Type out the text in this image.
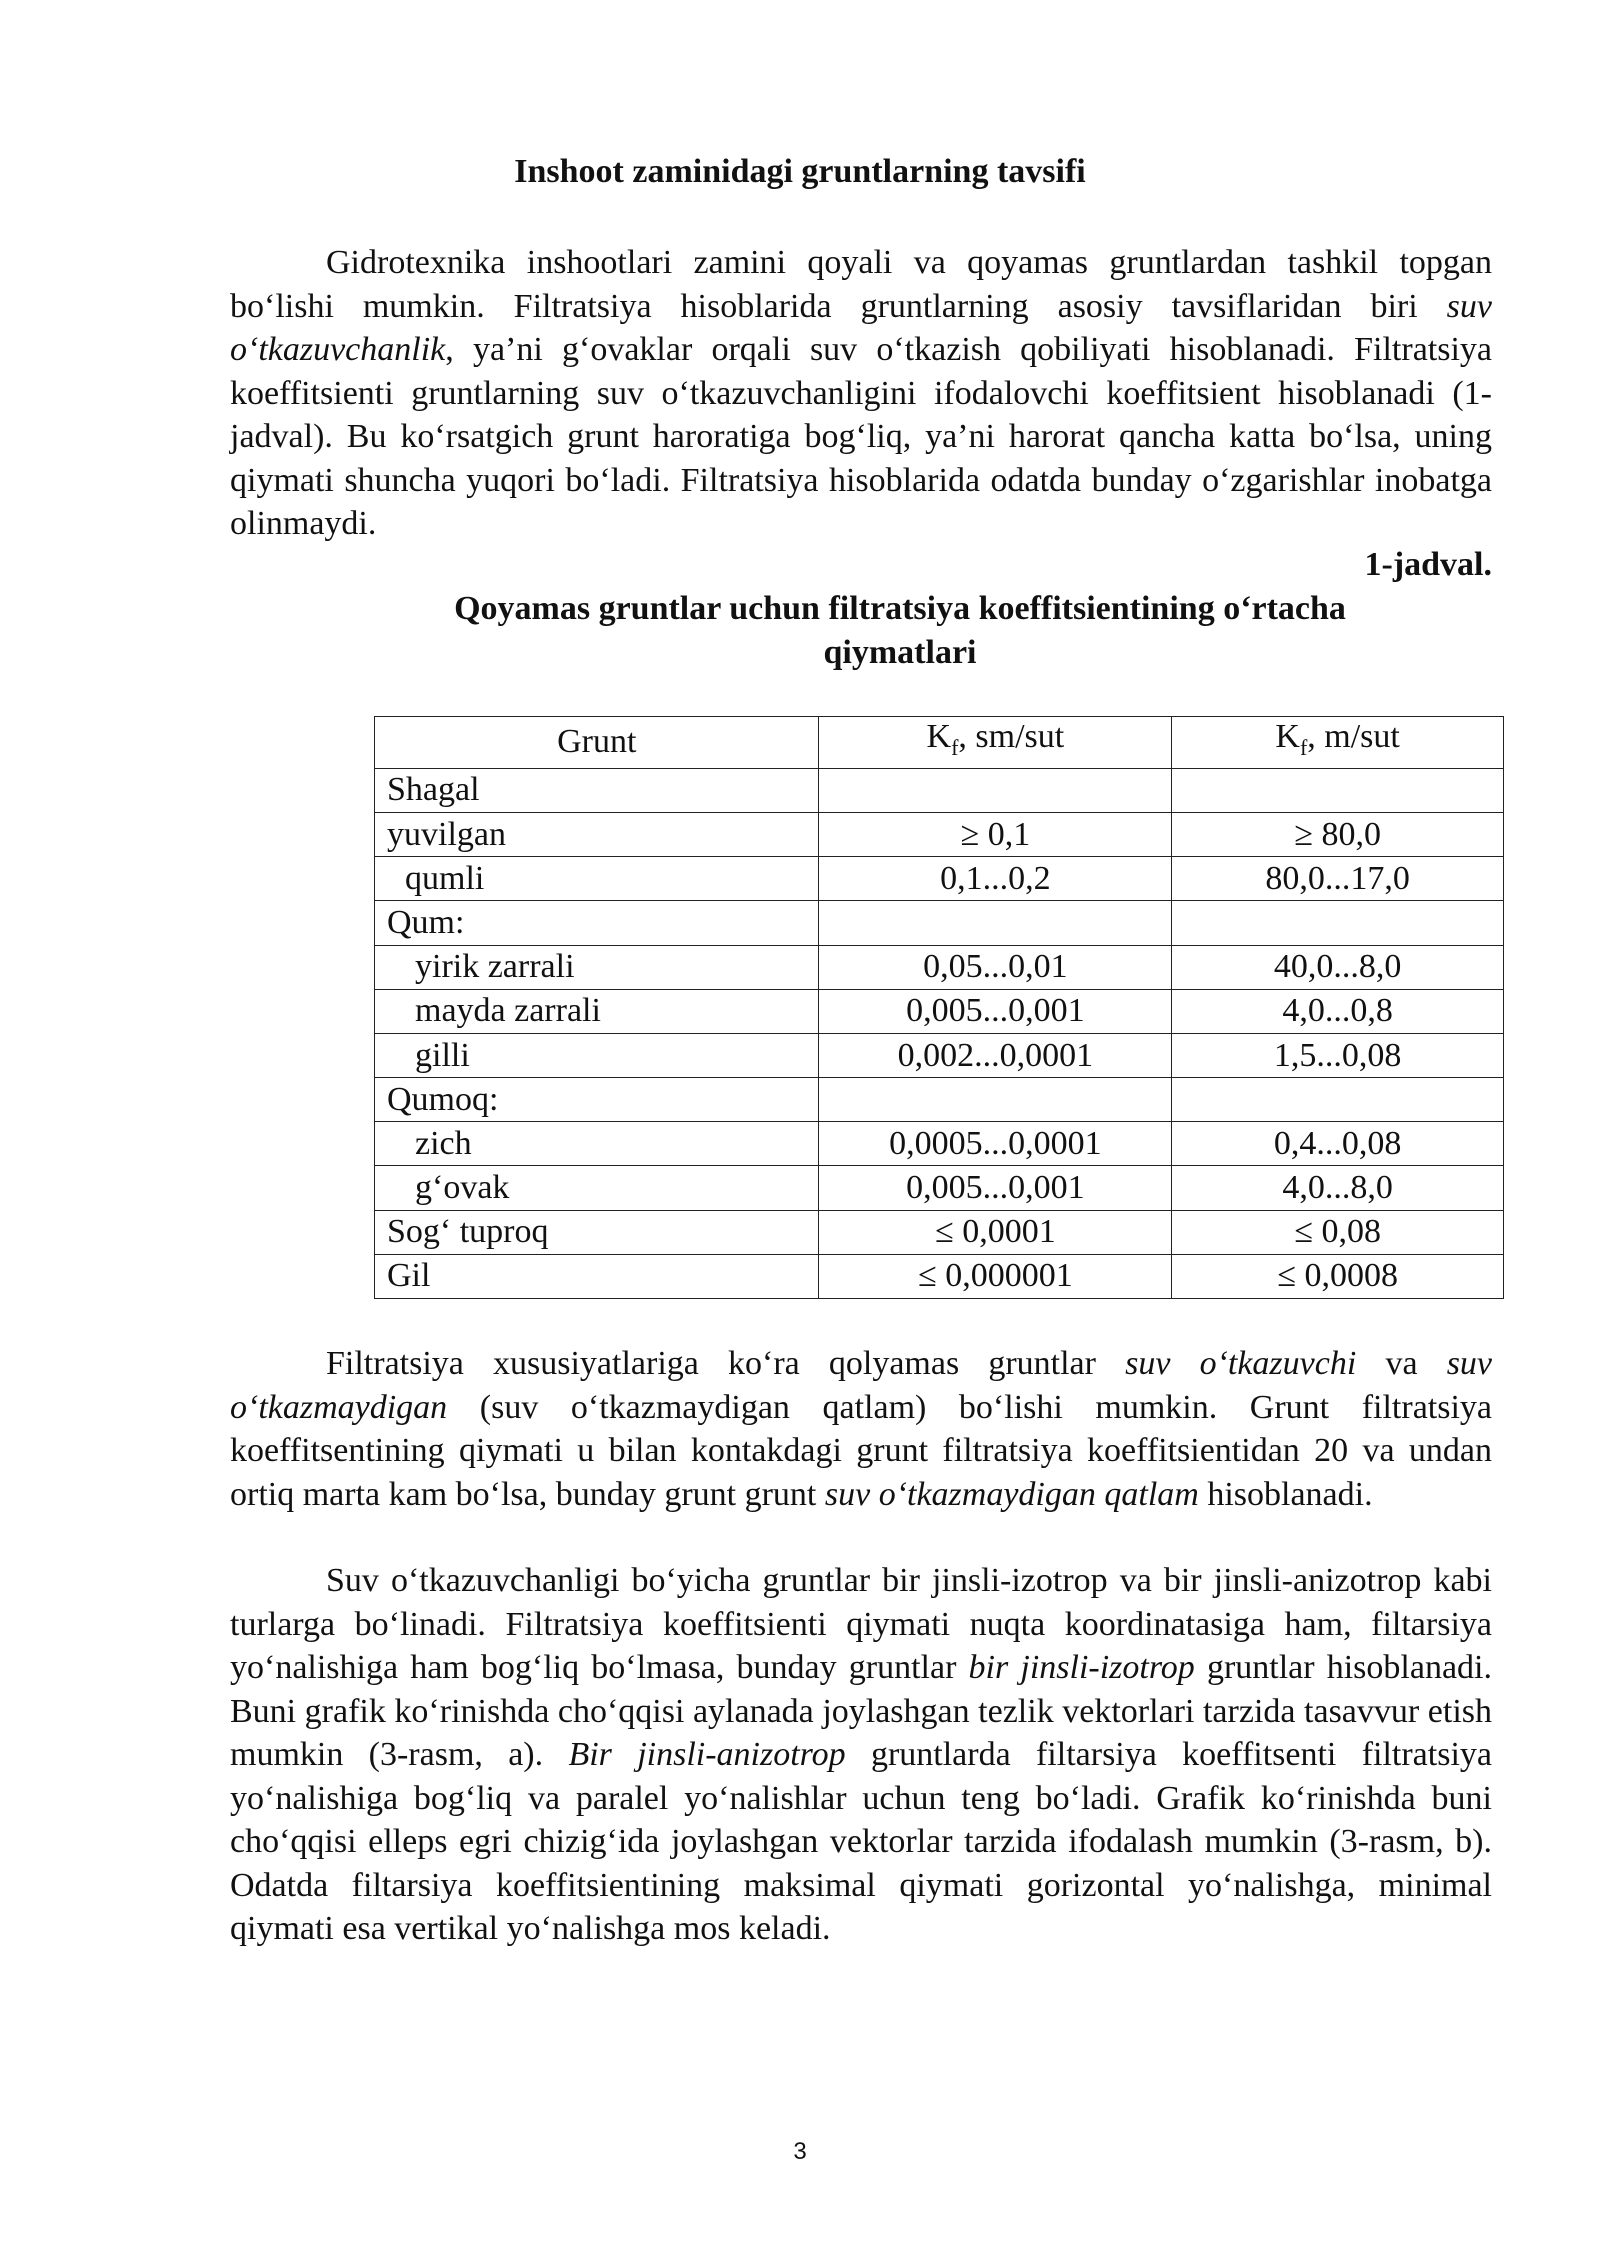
Inshoot zaminidagi gruntlarning tavsifi
Gidrotexnika inshootlari zamini qoyali va qoyamas gruntlardan tashkil topgan bo‘lishi mumkin. Filtratsiya hisoblarida gruntlarning asosiy tavsiflaridan biri suv o‘tkazuvchanlik, ya’ni g‘ovaklar orqali suv o‘tkazish qobiliyati hisoblanadi. Filtratsiya koeffitsienti gruntlarning suv o‘tkazuvchanligini ifodalovchi koeffitsient hisoblanadi (1-jadval). Bu ko‘rsatgich grunt haroratiga bog‘liq, ya’ni harorat qancha katta bo‘lsa, uning qiymati shuncha yuqori bo‘ladi. Filtratsiya hisoblarida odatda bunday o‘zgarishlar inobatga olinmaydi.
1-jadval.
Qoyamas gruntlar uchun filtratsiya koeffitsientining o‘rtacha qiymatlari
Grunt	$K_f$, sm/sut	$K_f$, m/sut
Shagal		
yuvilgan	≥ 0,1	≥ 80,0
qumli	0,1...0,2	80,0...17,0
Qum:		
yirik zarrali	0,05...0,01	40,0...8,0
mayda zarrali	0,005...0,001	4,0...0,8
gilli	0,002...0,0001	1,5...0,08
Qumoq:		
zich	0,0005...0,0001	0,4...0,08
g‘ovak	0,005...0,001	4,0...8,0
Sog‘ tuproq	≤ 0,0001	≤ 0,08
Gil	≤ 0,000001	≤ 0,0008
Filtratsiya xususiyatlariga ko‘ra qolyamas gruntlar suv o‘tkazuvchi va suv o‘tkazmaydigan (suv o‘tkazmaydigan qatlam) bo‘lishi mumkin. Grunt filtratsiya koeffitsentining qiymati u bilan kontakdagi grunt filtratsiya koeffitsientidan 20 va undan ortiq marta kam bo‘lsa, bunday grunt grunt suv o‘tkazmaydigan qatlam hisoblanadi.
Suv o‘tkazuvchanligi bo‘yicha gruntlar bir jinsli-izotrop va bir jinsli-anizotrop kabi turlarga bo‘linadi. Filtratsiya koeffitsienti qiymati nuqta koordinatasiga ham, filtarsiya yo‘nalishiga ham bog‘liq bo‘lmasa, bunday gruntlar bir jinsli-izotrop gruntlar hisoblanadi. Buni grafik ko‘rinishda cho‘qqisi aylanada joylashgan tezlik vektorlari tarzida tasavvur etish mumkin (3-rasm, a). Bir jinsli-anizotrop gruntlarda filtarsiya koeffitsenti filtratsiya yo‘nalishiga bog‘liq va paralel yo‘nalishlar uchun teng bo‘ladi. Grafik ko‘rinishda buni cho‘qqisi elleps egri chizig‘ida joylashgan vektorlar tarzida ifodalash mumkin (3-rasm, b). Odatda filtarsiya koeffitsientining maksimal qiymati gorizontal yo‘nalishga, minimal qiymati esa vertikal yo‘nalishga mos keladi.
3
